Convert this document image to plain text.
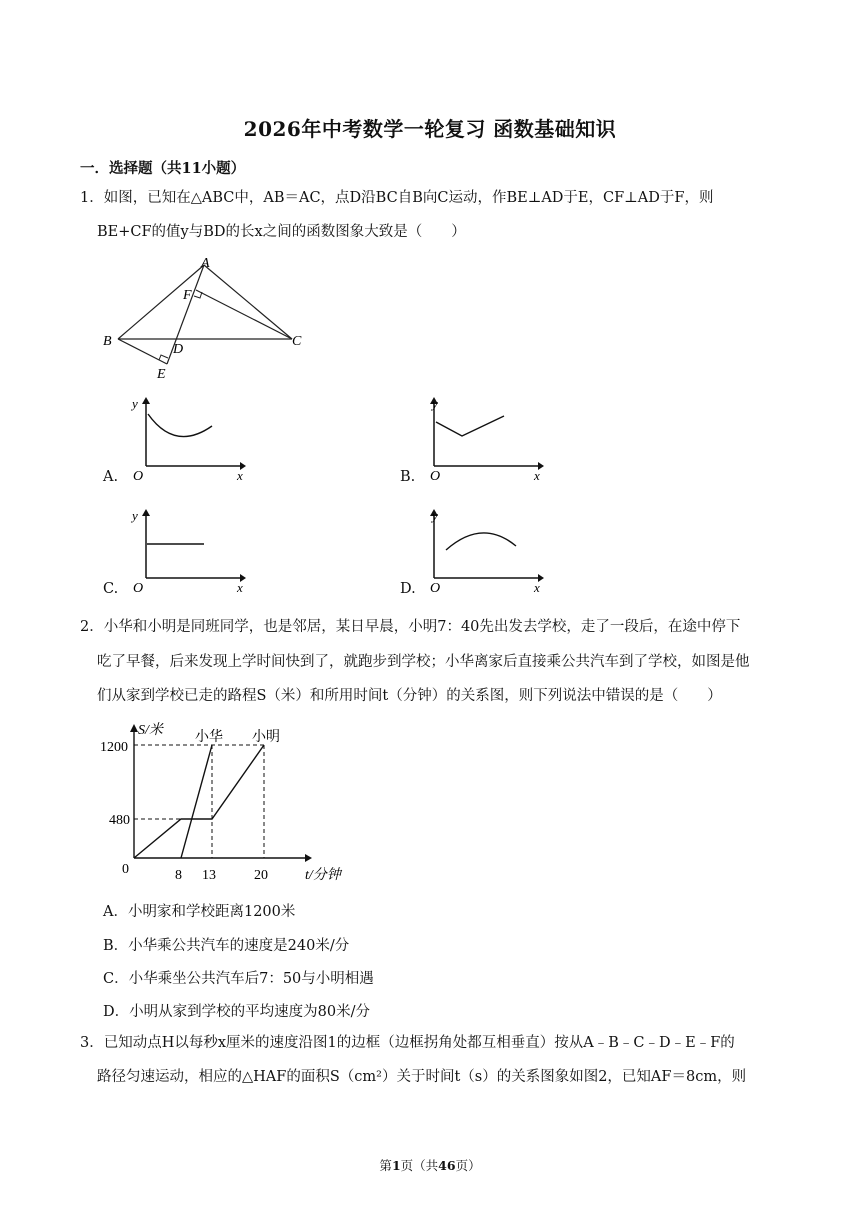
2026年中考数学一轮复习 函数基础知识
一．选择题（共11小题）
1．如图，已知在△ABC中，AB＝AC，点D沿BC自B向C运动，作BE⊥AD于E，CF⊥AD于F，则
BE+CF的值y与BD的长x之间的函数图象大致是（　　）
A
B	C
D
E
F
A.
y
O	x	B.
y
O	x
C.
y
O	x	D.
y
O	x
2．小华和小明是同班同学，也是邻居，某日早晨，小明7：40先出发去学校，走了一段后，在途中停下
吃了早餐，后来发现上学时间快到了，就跑步到学校；小华离家后直接乘公共汽车到了学校，如图是他
们从家到学校已走的路程S（米）和所用时间t（分钟）的关系图，则下列说法中错误的是（　　）
S/米
t/分钟
小华 小明
1200
480
0	8 13	20
A．小明家和学校距离1200米
B．小华乘公共汽车的速度是240米/分
C．小华乘坐公共汽车后7：50与小明相遇
D．小明从家到学校的平均速度为80米/分
3．已知动点H以每秒x厘米的速度沿图1的边框（边框拐角处都互相垂直）按从A﹣B﹣C﹣D﹣E﹣F的
路径匀速运动，相应的△HAF的面积S（cm²）关于时间t（s）的关系图象如图2，已知AF＝8cm，则
第1页（共46页）
